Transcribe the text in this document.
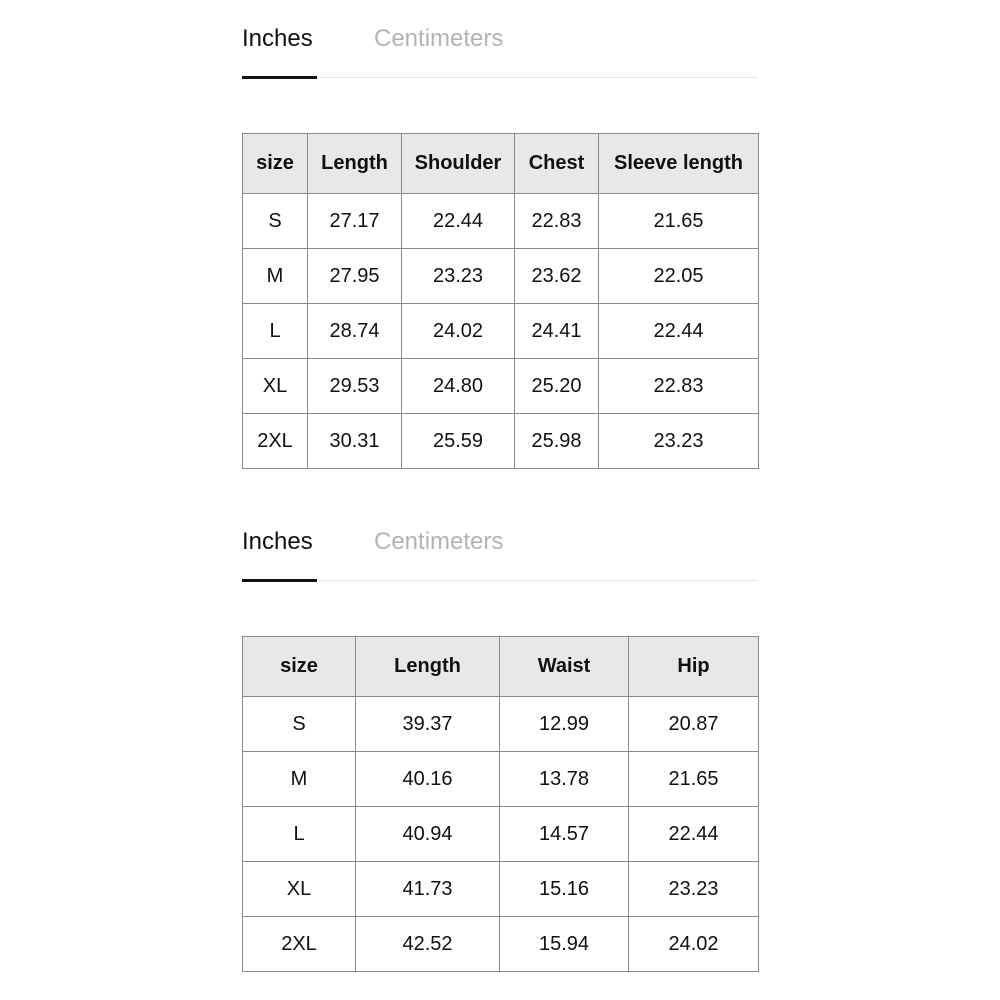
Inches	Centimeters
size	Length	Shoulder	Chest	Sleeve length
S	27.17	22.44	22.83	21.65
M	27.95	23.23	23.62	22.05
L	28.74	24.02	24.41	22.44
XL	29.53	24.80	25.20	22.83
2XL	30.31	25.59	25.98	23.23
Inches	Centimeters
size	Length	Waist	Hip
S	39.37	12.99	20.87
M	40.16	13.78	21.65
L	40.94	14.57	22.44
XL	41.73	15.16	23.23
2XL	42.52	15.94	24.02
